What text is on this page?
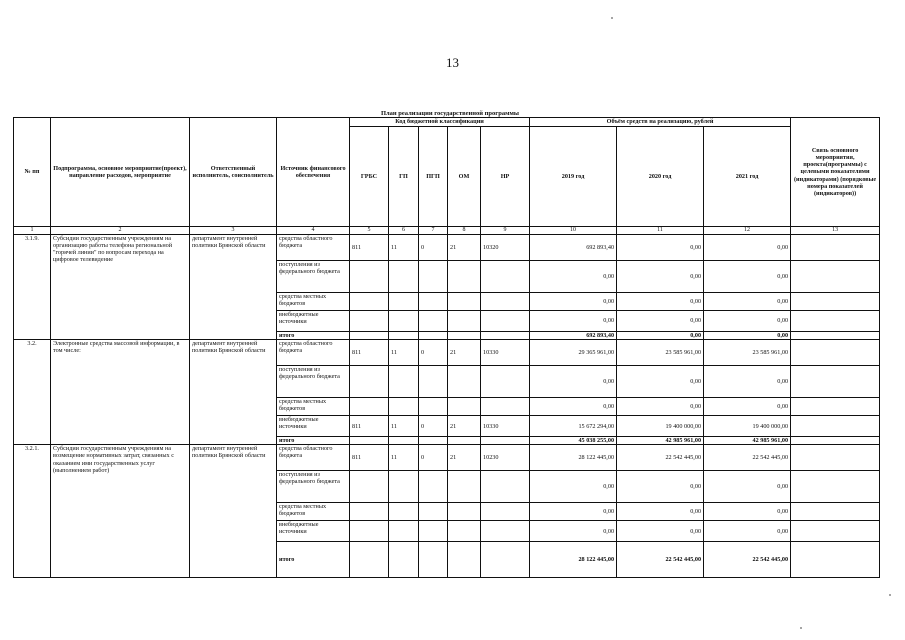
13
План реализации государственной программы
№ пп	Подпрограмма, основное мероприятие(проект), направление расходов, мероприятие	Ответственный исполнитель, соисполнитель	Источник финансового обеспечения	Код бюджетной классификации					Объём средств на реализацию, рублей			Связь основного мероприятия, проекта(программы) с целевыми показателями (индикаторами) (порядковые номера показателей (индикаторов))
				ГРБС	ГП	ПГП	ОМ	НР	2019 год	2020 год	2021 год	
1	2	3	4	5	6	7	8	9	10	11	12	13
3.1.9.	Субсидии государственным учреждениям на организацию работы телефона региональной "горячей линии" по вопросам перехода на цифровое телевидение	департамент внутренней политики Брянской области	средства областного бюджета	811	11	0	21	10320	692 893,40	0,00	0,00	
			поступления из федерального бюджета						0,00	0,00	0,00	
			средства местных бюджетов						0,00	0,00	0,00	
			внебюджетные источники						0,00	0,00	0,00	
			итого						692 893,40	0,00	0,00	
3.2.	Электронные средства массовой информации, в том числе:	департамент внутренней политики Брянской области	средства областного бюджета	811	11	0	21	10330	29 365 961,00	23 585 961,00	23 585 961,00	
			поступления из федерального бюджета						0,00	0,00	0,00	
			средства местных бюджетов						0,00	0,00	0,00	
			внебюджетные источники	811	11	0	21	10330	15 672 294,00	19 400 000,00	19 400 000,00	
			итого						45 038 255,00	42 985 961,00	42 985 961,00	
3.2.1.	Субсидии государственным учреждениям на возмещение нормативных затрат, связанных с оказанием ими государственных услуг (выполнением работ)	департамент внутренней политики Брянской области	средства областного бюджета	811	11	0	21	10230	28 122 445,00	22 542 445,00	22 542 445,00	
			поступления из федерального бюджета						0,00	0,00	0,00	
			средства местных бюджетов						0,00	0,00	0,00	
			внебюджетные источники						0,00	0,00	0,00	
			итого						28 122 445,00	22 542 445,00	22 542 445,00	
